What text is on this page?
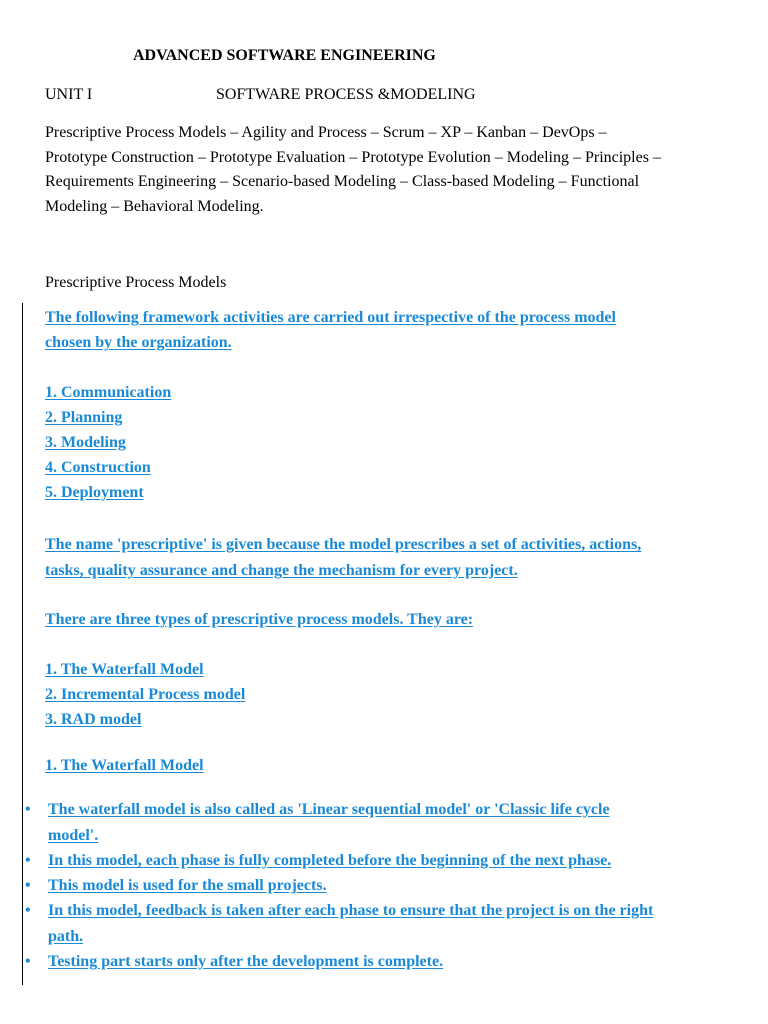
ADVANCED SOFTWARE ENGINEERING
UNIT I	SOFTWARE PROCESS &MODELING
Prescriptive Process Models – Agility and Process – Scrum – XP – Kanban – DevOps –
Prototype Construction – Prototype Evaluation – Prototype Evolution – Modeling – Principles –
Requirements Engineering – Scenario-based Modeling – Class-based Modeling – Functional
Modeling – Behavioral Modeling.
Prescriptive Process Models
The following framework activities are carried out irrespective of the process model
chosen by the organization.
1. Communication
2. Planning
3. Modeling
4. Construction
5. Deployment
The name 'prescriptive' is given because the model prescribes a set of activities, actions,
tasks, quality assurance and change the mechanism for every project.
There are three types of prescriptive process models. They are:
1. The Waterfall Model
2. Incremental Process model
3. RAD model
1. The Waterfall Model
• The waterfall model is also called as 'Linear sequential model' or 'Classic life cycle
model'.
• In this model, each phase is fully completed before the beginning of the next phase.
• This model is used for the small projects.
• In this model, feedback is taken after each phase to ensure that the project is on the right
path.
• Testing part starts only after the development is complete.
